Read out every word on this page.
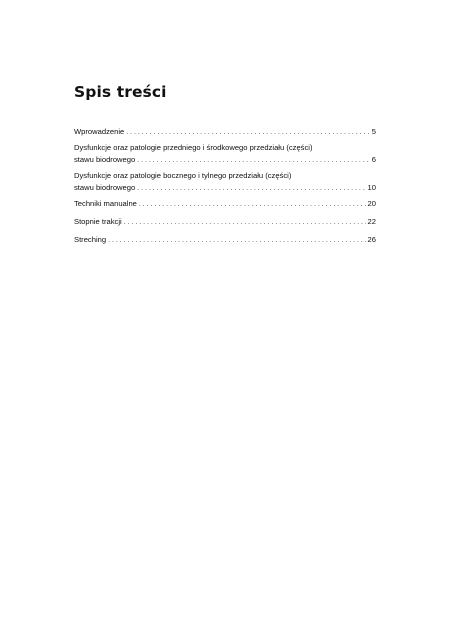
Spis treści
Wprowadzenie . . .	5
Dysfunkcje oraz patologie przedniego i środkowego przedziału (części)
stawu biodrowego . . .	6
Dysfunkcje oraz patologie bocznego i tylnego przedziału (części)
stawu biodrowego . . .	10
Techniki manualne . . .	20
Stopnie trakcji . . .	22
Streching . . .	26
